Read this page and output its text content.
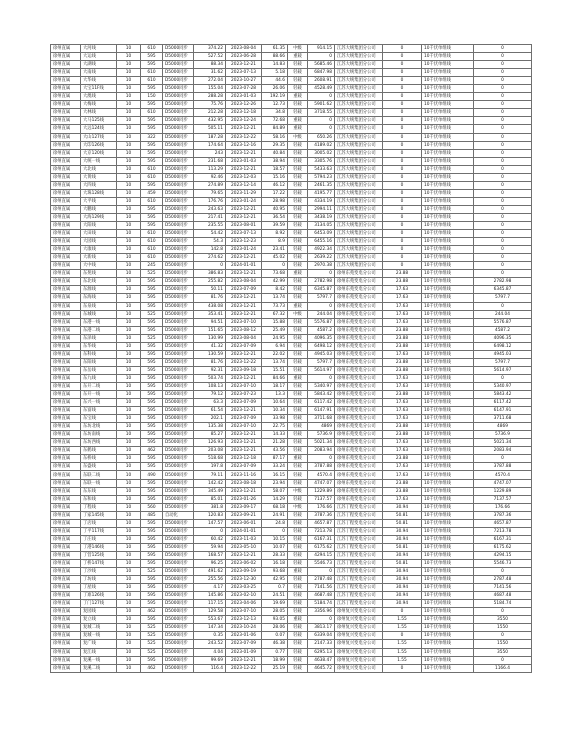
徐州直属	大河线	10	610	D5000同步	374.22	2023-08-04	61.35	中级	914.15	江苏大统集团分公司	0	10千伏单组线	0
徐州直属	大运线	10	595	D5000同步	527.52	2023-06-28	88.66	重载	0	江苏大统集团分公司	0	10千伏单组线	0
徐州直属	大湖线	10	595	D5000同步	88.34	2023-12-21	14.83	轻载	5685.46	江苏大统集团分公司	0	10千伏单组线	0
徐州直属	大南线	10	610	D5000同步	31.62	2023-07-13	5.18	轻载	6847.98	江苏大统集团分公司	0	10千伏单组线	0
徐州直属	大华线	10	610	D5000同步	272.04	2023-10-27	44.6	轻载	2608.91	江苏大统集团分公司	0	10千伏单组线	0
徐州直属	大宝11F线	10	595	D5000同步	155.04	2023-07-28	26.06	轻载	4528.49	江苏大统集团分公司	0	10千伏单组线	0
徐州直属	大澳线	10	150	D5000同步	288.28	2023-01-03	192.19	重载	0	江苏大统集团分公司	0	10千伏单组线	0
徐州直属	大梅线	10	595	D5000同步	75.76	2023-12-26	12.73	轻载	5901.62	江苏大统集团分公司	0	10千伏单组线	0
徐州直属	大林线	10	610	D5000同步	212.28	2023-12-18	34.8	轻载	3718.55	江苏大统集团分公司	0	10千伏单组线	0
徐州直属	大马125线	10	595	D5000同步	432.95	2023-12-24	72.68	重载	0	江苏大统集团分公司	0	10千伏单组线	0
徐州直属	大远124线	10	595	D5000同步	505.11	2023-12-21	84.89	重载	0	江苏大统集团分公司	0	10千伏单组线	0
徐州直属	大山127线	10	322	D5000同步	187.28	2023-12-22	58.16	中级	650.26	江苏大统集团分公司	0	10千伏单组线	0
徐州直属	大印126线	10	595	D5000同步	174.64	2023-12-16	29.35	轻载	4189.02	江苏大统集团分公司	0	10千伏单组线	0
徐州直属	大京120线	10	595	D5000同步	243	2023-12-21	40.84	轻载	3005.02	江苏大统集团分公司	0	10千伏单组线	0
徐州直属	大统一线	10	595	D5000同步	231.68	2023-01-03	38.94	轻载	3305.76	江苏大统集团分公司	0	10千伏单组线	0
徐州直属	大北线	10	610	D5000同步	113.29	2023-12-21	18.57	轻载	5433.63	江苏大统集团分公司	0	10千伏单组线	0
徐州直属	大黄线	10	610	D5000同步	92.46	2023-12-03	15.16	轻载	5794.23	江苏大统集团分公司	0	10千伏单组线	0
徐州直属	大四线	10	595	D5000同步	274.89	2023-12-14	46.12	轻载	2461.35	江苏大统集团分公司	0	10千伏单组线	0
徐州直属	大珠128线	10	459	D5000同步	79.65	2023-11-29	17.22	轻载	4195.77	江苏大统集团分公司	0	10千伏单组线	0
徐州直属	大平线	10	610	D5000同步	176.76	2023-01-24	28.98	轻载	4334.19	江苏大统集团分公司	0	10千伏单组线	0
徐州直属	大鹏线	10	595	D5000同步	243.63	2023-12-21	40.95	轻载	2994.11	江苏大统集团分公司	0	10千伏单组线	0
徐州直属	大海129线	10	595	D5000同步	217.41	2023-12-21	36.54	轻载	3438.19	江苏大统集团分公司	0	10千伏单组线	0
徐州直属	大阳线	10	595	D5000同步	235.55	2023-08-01	39.59	轻载	3134.05	江苏大统集团分公司	0	10千伏单组线	0
徐州直属	大田线	10	610	D5000同步	54.42	2023-07-13	8.92	轻载	6453.09	江苏大统集团分公司	0	10千伏单组线	0
徐州直属	大园线	10	610	D5000同步	54.3	2023-12-23	8.9	轻载	6455.16	江苏大统集团分公司	0	10千伏单组线	0
徐州直属	大康线	10	610	D5000同步	142.8	2023-01-24	23.41	轻载	4922.34	江苏大统集团分公司	0	10千伏单组线	0
徐州直属	大新线	10	610	D5000同步	274.62	2023-12-21	45.02	轻载	2639.22	江苏大统集团分公司	0	10千伏单组线	0
徐州直属	大中线	10	245	D5000同步	0	2024-01-01	0	轻载	2970.38	江苏大统集团分公司	0	10千伏单组线	0
徐州直属	东苑线	10	525	D5000同步	386.83	2023-12-21	73.68	重载	0	徐州东苑变电分公司	23.88	10千伏单组线	0
徐州直属	东北线	10	595	D5000同步	255.82	2023-08-04	42.99	轻载	2782.98	徐州东苑变电分公司	23.88	10千伏单组线	2782.98
徐州直属	东源线	10	595	D5000同步	50.11	2023-07-09	8.42	轻载	6345.87	徐州东苑变电分公司	17.63	10千伏回组线	6345.87
徐州直属	东海线	10	595	D5000同步	81.76	2023-12-21	13.74	轻载	5797.7	徐州东苑变电分公司	17.63	10千伏单组线	5797.7
徐州直属	东泉线	10	595	D5000同步	438.08	2023-12-21	73.73	重载	0	徐州东苑变电分公司	17.63	10千伏单组线	0
徐州直属	东城线	10	525	D5000同步	353.41	2023-12-21	67.32	中级	244.04	徐州东苑变电分公司	17.63	10千伏单组线	244.04
徐州直属	东港一线	10	595	D5000同步	94.51	2023-07-10	15.88	轻载	5576.87	徐州东苑变电分公司	17.63	10千伏单组线	5576.87
徐州直属	东港二线	10	595	D5000同步	151.65	2023-08-12	25.49	轻载	4587.2	徐州东苑变电分公司	23.88	10千伏单组线	4587.2
徐州直属	东泽线	10	525	D5000同步	130.99	2023-08-04	24.95	轻载	4096.35	徐州东苑变电分公司	23.88	10千伏单组线	4096.35
徐州直属	东华线	10	595	D5000同步	41.32	2023-07-09	6.94	轻载	6498.12	徐州东苑变电分公司	23.88	10千伏单组线	6498.12
徐州直属	东科线	10	595	D5000同步	130.59	2023-12-21	22.02	轻载	4945.03	徐州东苑变电分公司	17.63	10千伏单组线	4945.03
徐州直属	东阳线	10	595	D5000同步	81.76	2023-12-22	13.74	轻载	5797.7	徐州东苑变电分公司	23.88	10千伏单组线	5797.7
徐州直属	东岳线	10	595	D5000同步	92.31	2023-09-18	15.51	轻载	5614.97	徐州东苑变电分公司	23.88	10千伏单组线	5614.97
徐州直属	东九线	10	595	D5000同步	503.74	2023-12-21	84.66	重载	0	徐州东苑变电分公司	17.63	10千伏回组线	0
徐州直属	东开二线	10	595	D5000同步	108.13	2023-07-10	18.17	轻载	5340.97	徐州东苑变电分公司	17.63	10千伏单组线	5340.97
徐州直属	东开一线	10	595	D5000同步	79.12	2023-07-23	13.3	轻载	5843.42	徐州东苑变电分公司	23.88	10千伏单组线	5843.42
徐州直属	东兴一线	10	595	D5000同步	63.3	2023-07-09	10.64	轻载	6117.42	徐州东苑变电分公司	17.63	10千伏单组线	6117.42
徐州直属	东富线	10	595	D5000同步	61.54	2023-12-21	10.34	轻载	6147.91	徐州东苑变电分公司	17.63	10千伏单组线	6147.91
徐州直属	东宝线	10	595	D5000同步	202.1	2023-07-09	33.98	轻载	3711.68	徐州东苑变电分公司	17.63	10千伏单组线	3711.68
徐州直属	东坊北线	10	595	D5000同步	135.38	2023-07-10	22.75	轻载	4869	徐州东苑变电分公司	23.88	10千伏单组线	4869
徐州直属	东坊南线	10	595	D5000同步	85.27	2023-12-21	14.33	轻载	5736.9	徐州东苑变电分公司	23.88	10千伏单组线	5736.9
徐州直属	东坊西线	10	595	D5000同步	126.93	2023-12-21	21.28	轻载	5021.34	徐州东苑变电分公司	17.63	10千伏单组线	5021.34
徐州直属	东鹤线	10	462	D5000同步	203.08	2023-12-21	43.56	轻载	2083.94	徐州东苑变电分公司	17.63	10千伏单组线	2083.94
徐州直属	东桥线	10	595	D5000同步	518.68	2023-12-18	87.17	重载	0	徐州东苑变电分公司	23.88	10千伏单组线	0
徐州直属	东盛线	10	595	D5000同步	197.8	2023-07-09	33.24	轻载	3787.88	徐州东苑变电分公司	17.63	10千伏单组线	3787.88
徐州直属	东联二线	10	490	D5000同步	79.11	2023-11-16	16.15	轻载	4570.4	徐州东苑变电分公司	17.63	10千伏单组线	4570.4
徐州直属	东联一线	10	595	D5000同步	142.42	2023-08-18	23.94	轻载	4747.07	徐州东苑变电分公司	23.88	10千伏单组线	4747.07
徐州直属	东东线	10	595	D5000同步	345.49	2023-12-21	58.07	中级	1229.89	徐州东苑变电分公司	23.88	10千伏单组线	1229.89
徐州直属	东和线	10	595	D5000同步	85.01	2023-01-26	14.29	轻载	7137.57	徐州东苑变电分公司	17.63	10千伏单组线	7137.57
徐州直属	丁程线	10	560	D5000同步	381.8	2023-09-17	68.18	中级	176.66	江苏丁程变电分公司	30.94	10千伏单组线	176.66
徐州直属	丁家145线	10	485	自动化	120.83	2023-09-21	24.91	轻载	3787.36	江苏丁程变电分公司	50.81	10千伏单组线	3787.36
徐州直属	丁店线	10	595	D5000同步	147.57	2023-06-01	24.8	轻载	4657.87	江苏丁程变电分公司	50.81	10千伏单组线	4657.87
徐州直属	丁平117线	10	595	D5000同步	0	2024-01-01	0	轻载	7213.78	江苏丁程变电分公司	30.94	10千伏单组线	7213.78
徐州直属	丁庄线	10	595	D5000同步	60.42	2023-11-03	10.15	轻载	6167.31	江苏丁程变电分公司	30.94	10千伏单组线	6167.31
徐州直属	丁港146线	10	595	D5000同步	59.94	2023-05-10	10.07	轻载	6175.62	江苏丁程变电分公司	50.81	10千伏单组线	6175.62
徐州直属	丁营125线	10	595	D5000同步	168.57	2023-12-21	28.33	轻载	4294.15	江苏丁程变电分公司	30.94	10千伏单组线	4294.15
徐州直属	丁桥147线	10	595	D5000同步	96.25	2023-06-02	16.18	轻载	5546.73	江苏丁程变电分公司	50.81	10千伏单组线	5546.73
徐州直属	丁沙线	10	525	D5000同步	491.62	2023-09-19	93.68	重载	0	江苏丁程变电分公司	30.94	10千伏单组线	0
徐州直属	丁坊线	10	595	D5000同步	255.56	2023-12-30	42.95	轻载	2787.48	江苏丁程变电分公司	30.94	10千伏单组线	2787.48
徐州直属	丁屋线	10	595	D5000同步	4.17	2023-03-25	0.7	轻载	7141.56	江苏丁程变电分公司	30.94	10千伏单组线	7141.56
徐州直属	丁寨126线	10	595	D5000同步	145.86	2023-02-10	24.51	轻载	4687.48	江苏丁程变电分公司	30.94	10千伏单组线	4687.48
徐州直属	丁门127线	10	595	D5000同步	117.15	2023-04-06	19.69	轻载	5184.74	江苏丁程变电分公司	30.94	10千伏回组线	5184.74
徐州直属	复园线	10	462	D5000同步	129.58	2023-07-10	28.05	轻载	3356.96	徐州复兴变电分公司	0	10千伏单组线	0
徐州直属	复立线	10	595	D5000同步	553.67	2023-12-13	93.05	重载	0	徐州复兴变电分公司	1.55	10千伏单组线	3550
徐州直属	复城二线	10	525	D5000同步	147.34	2023-10-24	28.06	轻载	3813.17	徐州复兴变电分公司	1.55	10千伏单组线	1550
徐州直属	复城一线	10	525	D5000同步	0.35	2023-01-06	0.07	轻载	6339.04	徐州复兴变电分公司	0	10千伏单组线	0
徐州直属	复广线	10	525	D5000同步	243.52	2023-07-09	46.38	轻载	2147.33	徐州复兴变电分公司	1.55	10千伏单组线	1550
徐州直属	复江线	10	525	D5000同步	4.04	2023-01-09	0.77	轻载	6295.13	徐州复兴变电分公司	1.55	10千伏单组线	3550
徐州直属	复溪一线	10	595	D5000同步	99.69	2023-12-21	18.99	轻载	4638.47	徐州复兴变电分公司	1.55	10千伏单组线	0
徐州直属	复溪二线	10	462	D5000同步	116.4	2023-12-22	25.19	轻载	4645.72	徐州复兴变电分公司	0	10千伏单组线	1166.4
